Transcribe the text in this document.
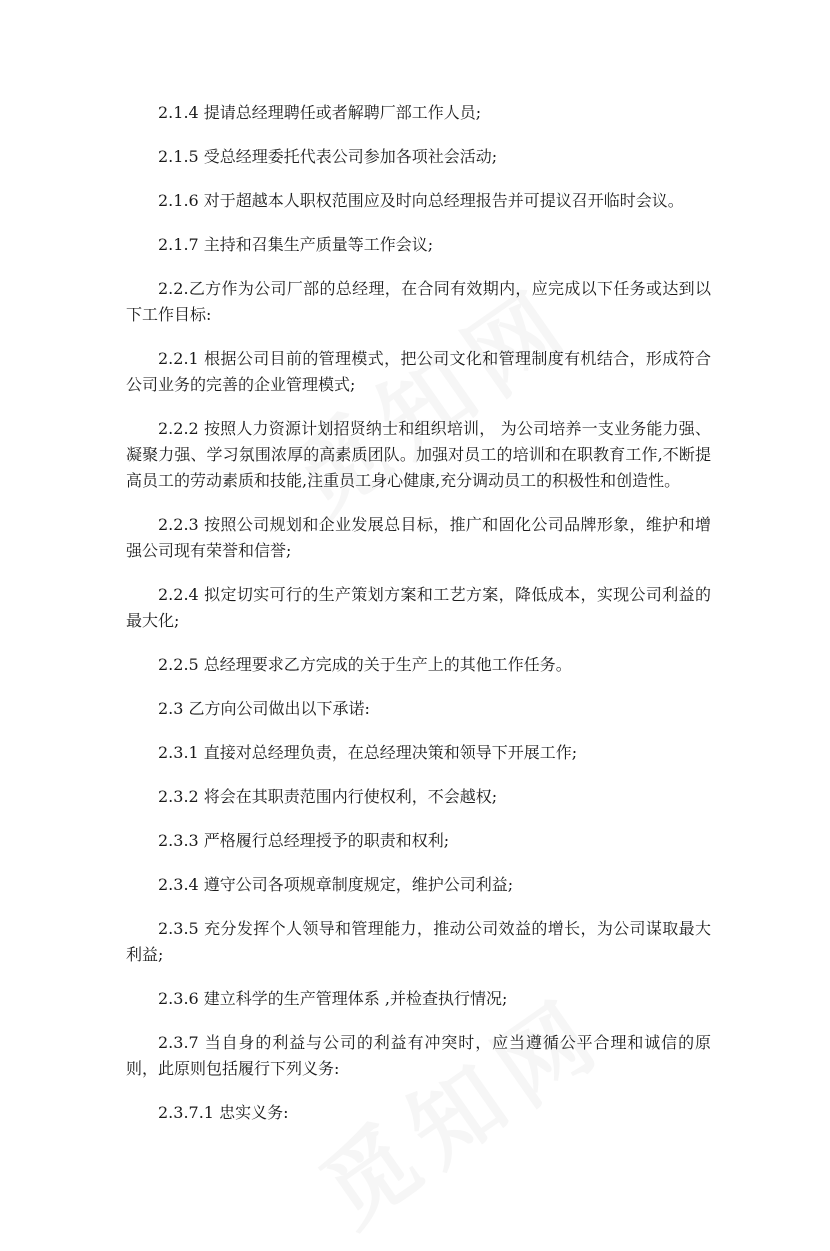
2.1.4 提请总经理聘任或者解聘厂部工作人员;

2.1.5 受总经理委托代表公司参加各项社会活动;

2.1.6 对于超越本人职权范围应及时向总经理报告并可提议召开临时会议。

2.1.7 主持和召集生产质量等工作会议;

2.2.乙方作为公司厂部的总经理，在合同有效期内，应完成以下任务或达到以下工作目标:

2.2.1 根据公司目前的管理模式，把公司文化和管理制度有机结合，形成符合公司业务的完善的企业管理模式;

2.2.2 按照人力资源计划招贤纳士和组织培训， 为公司培养一支业务能力强、凝聚力强、学习氛围浓厚的高素质团队。加强对员工的培训和在职教育工作,不断提高员工的劳动素质和技能,注重员工身心健康,充分调动员工的积极性和创造性。

2.2.3 按照公司规划和企业发展总目标，推广和固化公司品牌形象，维护和增强公司现有荣誉和信誉;

2.2.4 拟定切实可行的生产策划方案和工艺方案，降低成本，实现公司利益的最大化;

2.2.5 总经理要求乙方完成的关于生产上的其他工作任务。

2.3 乙方向公司做出以下承诺:

2.3.1 直接对总经理负责，在总经理决策和领导下开展工作;

2.3.2 将会在其职责范围内行使权利，不会越权;

2.3.3 严格履行总经理授予的职责和权利;

2.3.4 遵守公司各项规章制度规定，维护公司利益;

2.3.5 充分发挥个人领导和管理能力，推动公司效益的增长，为公司谋取最大利益;

2.3.6 建立科学的生产管理体系 ,并检查执行情况;

2.3.7 当自身的利益与公司的利益有冲突时，应当遵循公平合理和诚信的原则，此原则包括履行下列义务:

2.3.7.1 忠实义务:
